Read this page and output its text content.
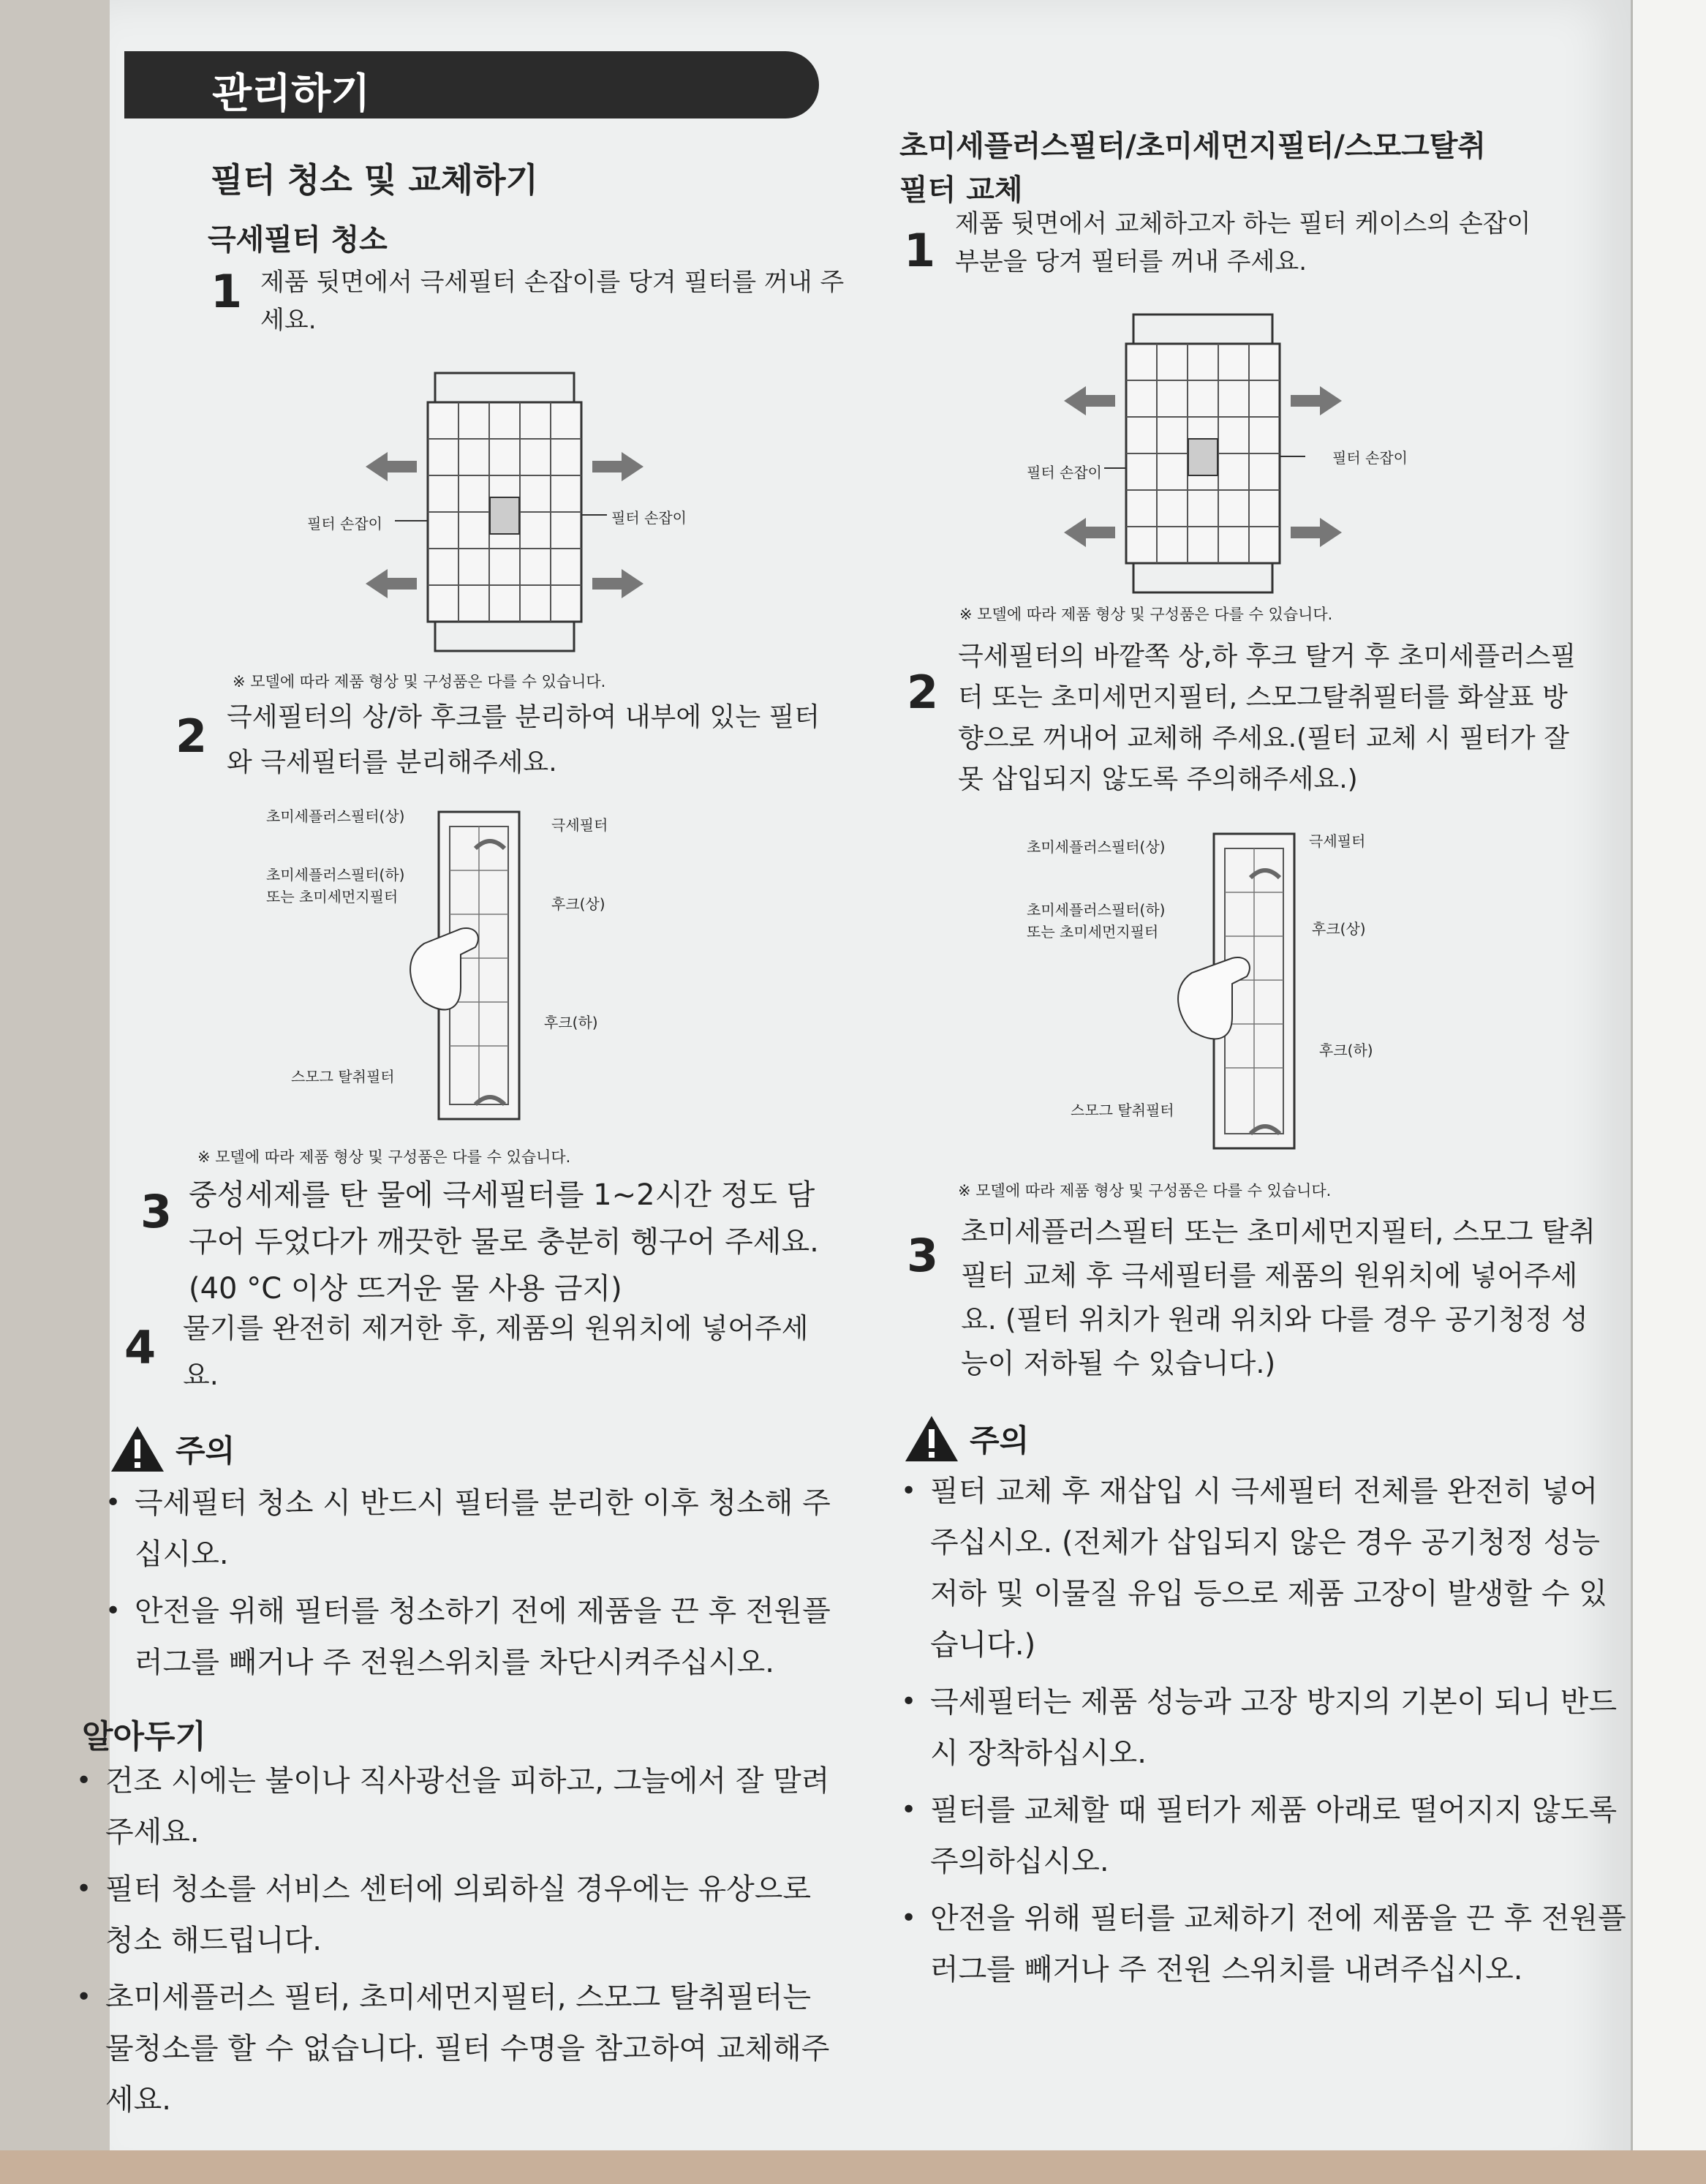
관리하기
필터 청소 및 교체하기
극세필터 청소
1 제품 뒷면에서 극세필터 손잡이를 당겨 필터를 꺼내 주세요.
필터 손잡이	필터 손잡이
※ 모델에 따라 제품 형상 및 구성품은 다를 수 있습니다.
2 극세필터의 상/하 후크를 분리하여 내부에 있는 필터와 극세필터를 분리해주세요.
초미세플러스필터(상)
초미세플러스필터(하)
또는 초미세먼지필터
스모그 탈취필터
극세필터
후크(상)
후크(하)
※ 모델에 따라 제품 형상 및 구성품은 다를 수 있습니다.
3 중성세제를 탄 물에 극세필터를 1~2시간 정도 담구어 두었다가 깨끗한 물로 충분히 헹구어 주세요. (40 °C 이상 뜨거운 물 사용 금지)
4 물기를 완전히 제거한 후, 제품의 원위치에 넣어주세요.
주의
• 극세필터 청소 시 반드시 필터를 분리한 이후 청소해 주십시오.
• 안전을 위해 필터를 청소하기 전에 제품을 끈 후 전원플러그를 빼거나 주 전원스위치를 차단시켜주십시오.
알아두기
• 건조 시에는 불이나 직사광선을 피하고, 그늘에서 잘 말려주세요.
• 필터 청소를 서비스 센터에 의뢰하실 경우에는 유상으로 청소 해드립니다.
• 초미세플러스 필터, 초미세먼지필터, 스모그 탈취필터는 물청소를 할 수 없습니다. 필터 수명을 참고하여 교체해주세요.
초미세플러스필터/초미세먼지필터/스모그탈취
필터 교체
1 제품 뒷면에서 교체하고자 하는 필터 케이스의 손잡이 부분을 당겨 필터를 꺼내 주세요.
필터 손잡이
필터 손잡이
※ 모델에 따라 제품 형상 및 구성품은 다를 수 있습니다.
2
극세필터의 바깥쪽 상,하 후크 탈거 후 초미세플러스필터 또는 초미세먼지필터, 스모그탈취필터를 화살표 방향으로 꺼내어 교체해 주세요.(필터 교체 시 필터가 잘못 삽입되지 않도록 주의해주세요.)
초미세플러스필터(상)
초미세플러스필터(하)
또는 초미세먼지필터
스모그 탈취필터
극세필터
후크(상)
후크(하)
※ 모델에 따라 제품 형상 및 구성품은 다를 수 있습니다.
3 초미세플러스필터 또는 초미세먼지필터, 스모그 탈취필터 교체 후 극세필터를 제품의 원위치에 넣어주세요. (필터 위치가 원래 위치와 다를 경우 공기청정 성능이 저하될 수 있습니다.)
주의
• 필터 교체 후 재삽입 시 극세필터 전체를 완전히 넣어 주십시오. (전체가 삽입되지 않은 경우 공기청정 성능 저하 및 이물질 유입 등으로 제품 고장이 발생할 수 있습니다.)
• 극세필터는 제품 성능과 고장 방지의 기본이 되니 반드시 장착하십시오.
• 필터를 교체할 때 필터가 제품 아래로 떨어지지 않도록 주의하십시오.
• 안전을 위해 필터를 교체하기 전에 제품을 끈 후 전원플러그를 빼거나 주 전원 스위치를 내려주십시오.
